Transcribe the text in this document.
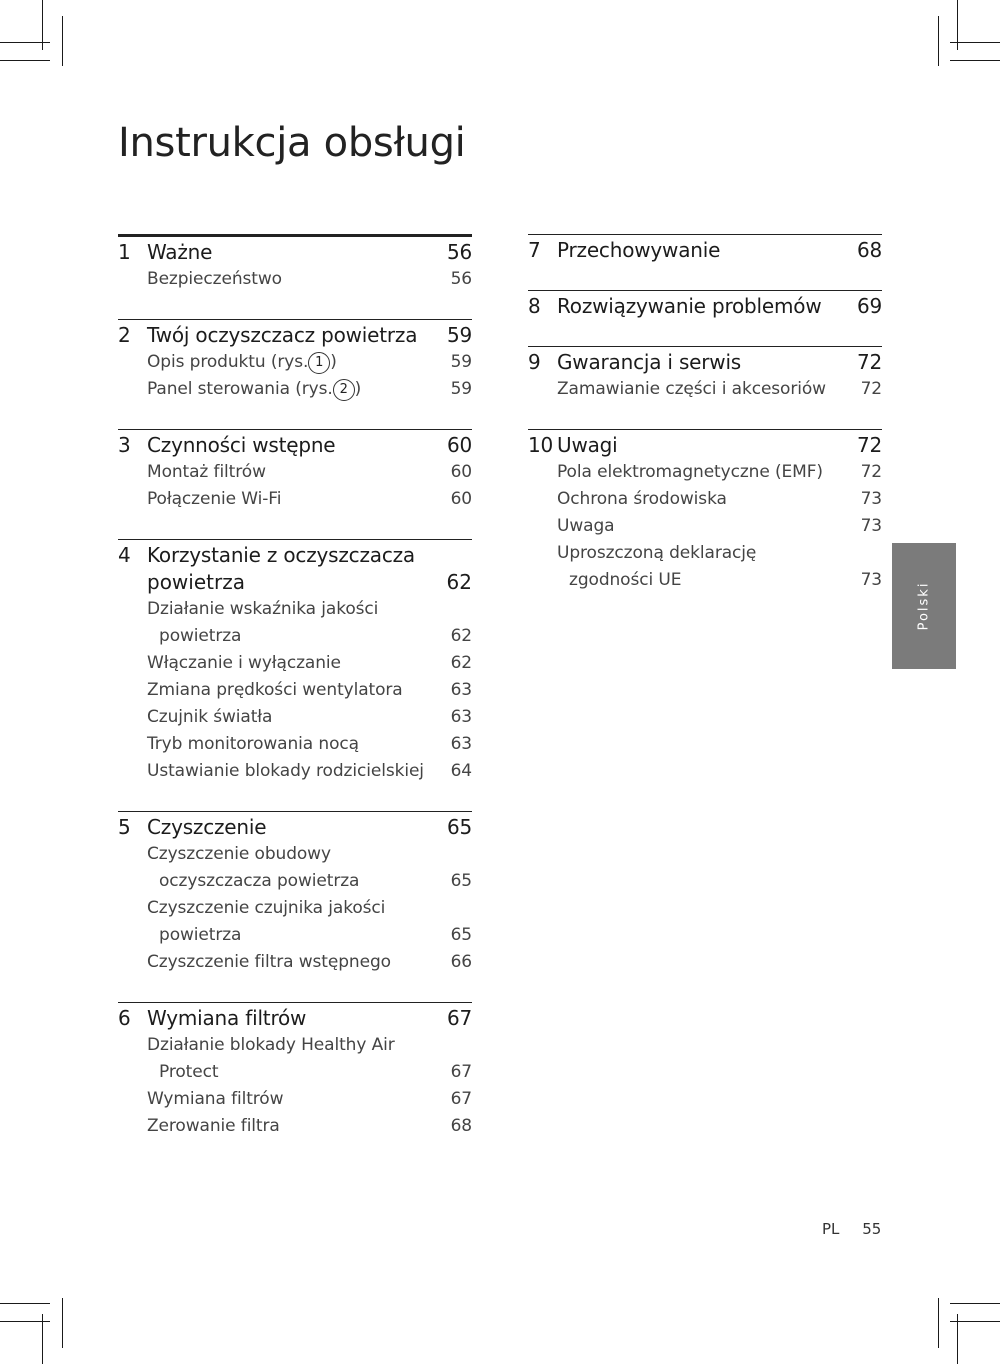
Instrukcja obsługi
1 Ważne	56
Bezpieczeństwo	56
2 Twój oczyszczacz powietrza	59
Opis produktu (rys. 1 )	59
Panel sterowania (rys. 2 )	59
3 Czynności wstępne	60
Montaż filtrów	60
Połączenie Wi-Fi	60
4 Korzystanie z oczyszczacza
powietrza	62
Działanie wskaźnika jakości
powietrza	62
Włączanie i wyłączanie	62
Zmiana prędkości wentylatora	63
Czujnik światła	63
Tryb monitorowania nocą	63
Ustawianie blokady rodzicielskiej	64
5 Czyszczenie	65
Czyszczenie obudowy
oczyszczacza powietrza	65
Czyszczenie czujnika jakości
powietrza	65
Czyszczenie filtra wstępnego	66
6 Wymiana filtrów	67
Działanie blokady Healthy Air
Protect	67
Wymiana filtrów	67
Zerowanie filtra	68
7 Przechowywanie	68
8 Rozwiązywanie problemów	69
9 Gwarancja i serwis	72
Zamawianie części i akcesoriów	72
10 Uwagi	72
Pola elektromagnetyczne (EMF)	72
Ochrona środowiska	73
Uwaga	73
Uproszczoną deklarację
zgodności UE	73
Polski
PL 55
